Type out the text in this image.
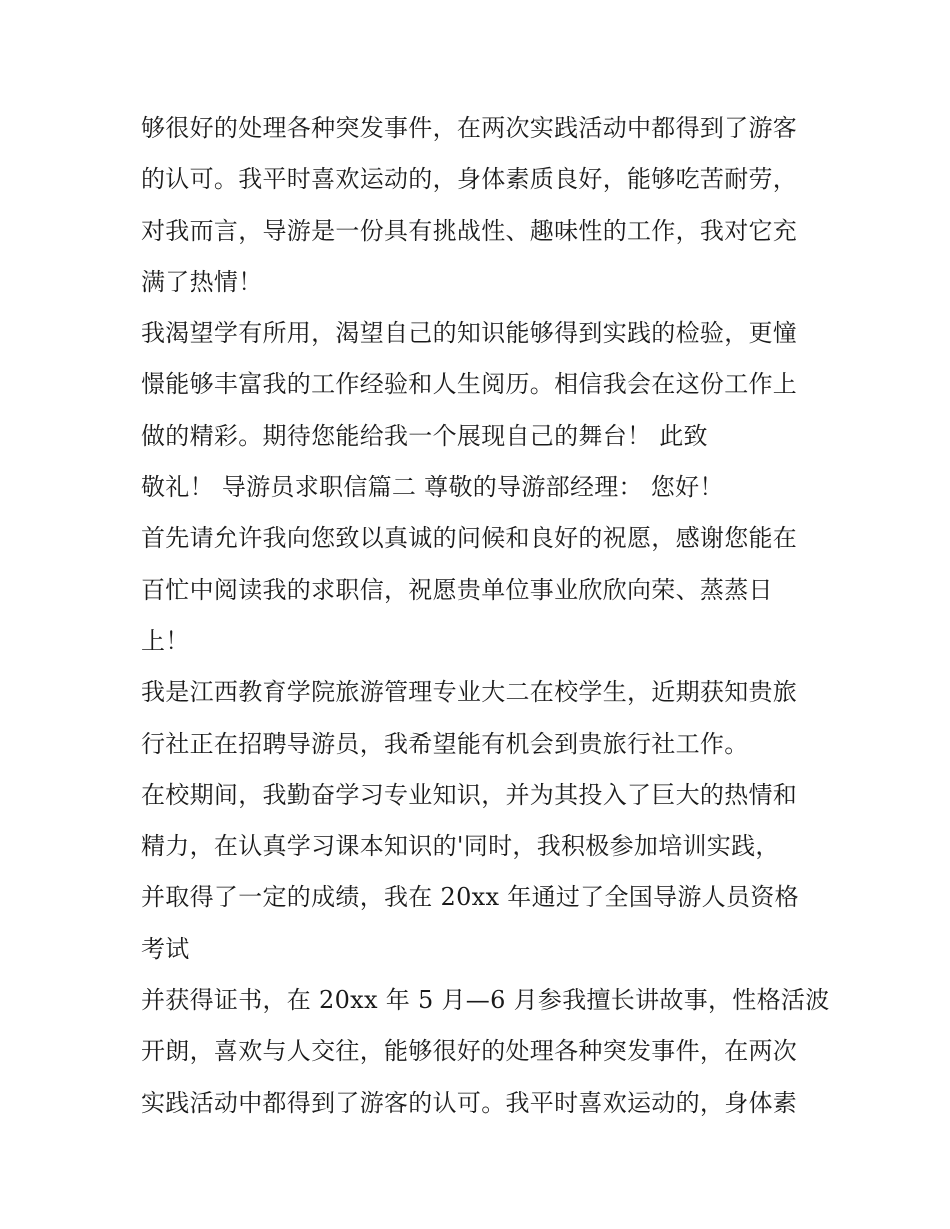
够很好的处理各种突发事件，在两次实践活动中都得到了游客
的认可。我平时喜欢运动的，身体素质良好，能够吃苦耐劳，
对我而言，导游是一份具有挑战性、趣味性的工作，我对它充
满了热情！
我渴望学有所用，渴望自己的知识能够得到实践的检验，更憧
憬能够丰富我的工作经验和人生阅历。相信我会在这份工作上
做的精彩。期待您能给我一个展现自己的舞台！ 此致
敬礼！ 导游员求职信篇二 尊敬的导游部经理： 您好！
首先请允许我向您致以真诚的问候和良好的祝愿，感谢您能在
百忙中阅读我的求职信，祝愿贵单位事业欣欣向荣、蒸蒸日
上！
我是江西教育学院旅游管理专业大二在校学生，近期获知贵旅
行社正在招聘导游员，我希望能有机会到贵旅行社工作。
在校期间，我勤奋学习专业知识，并为其投入了巨大的热情和
精力，在认真学习课本知识的'同时，我积极参加培训实践，
并取得了一定的成绩，我在 20xx 年通过了全国导游人员资格
考试
并获得证书，在 20xx 年 5 月—6 月参我擅长讲故事，性格活波
开朗，喜欢与人交往，能够很好的处理各种突发事件，在两次
实践活动中都得到了游客的认可。我平时喜欢运动的，身体素
